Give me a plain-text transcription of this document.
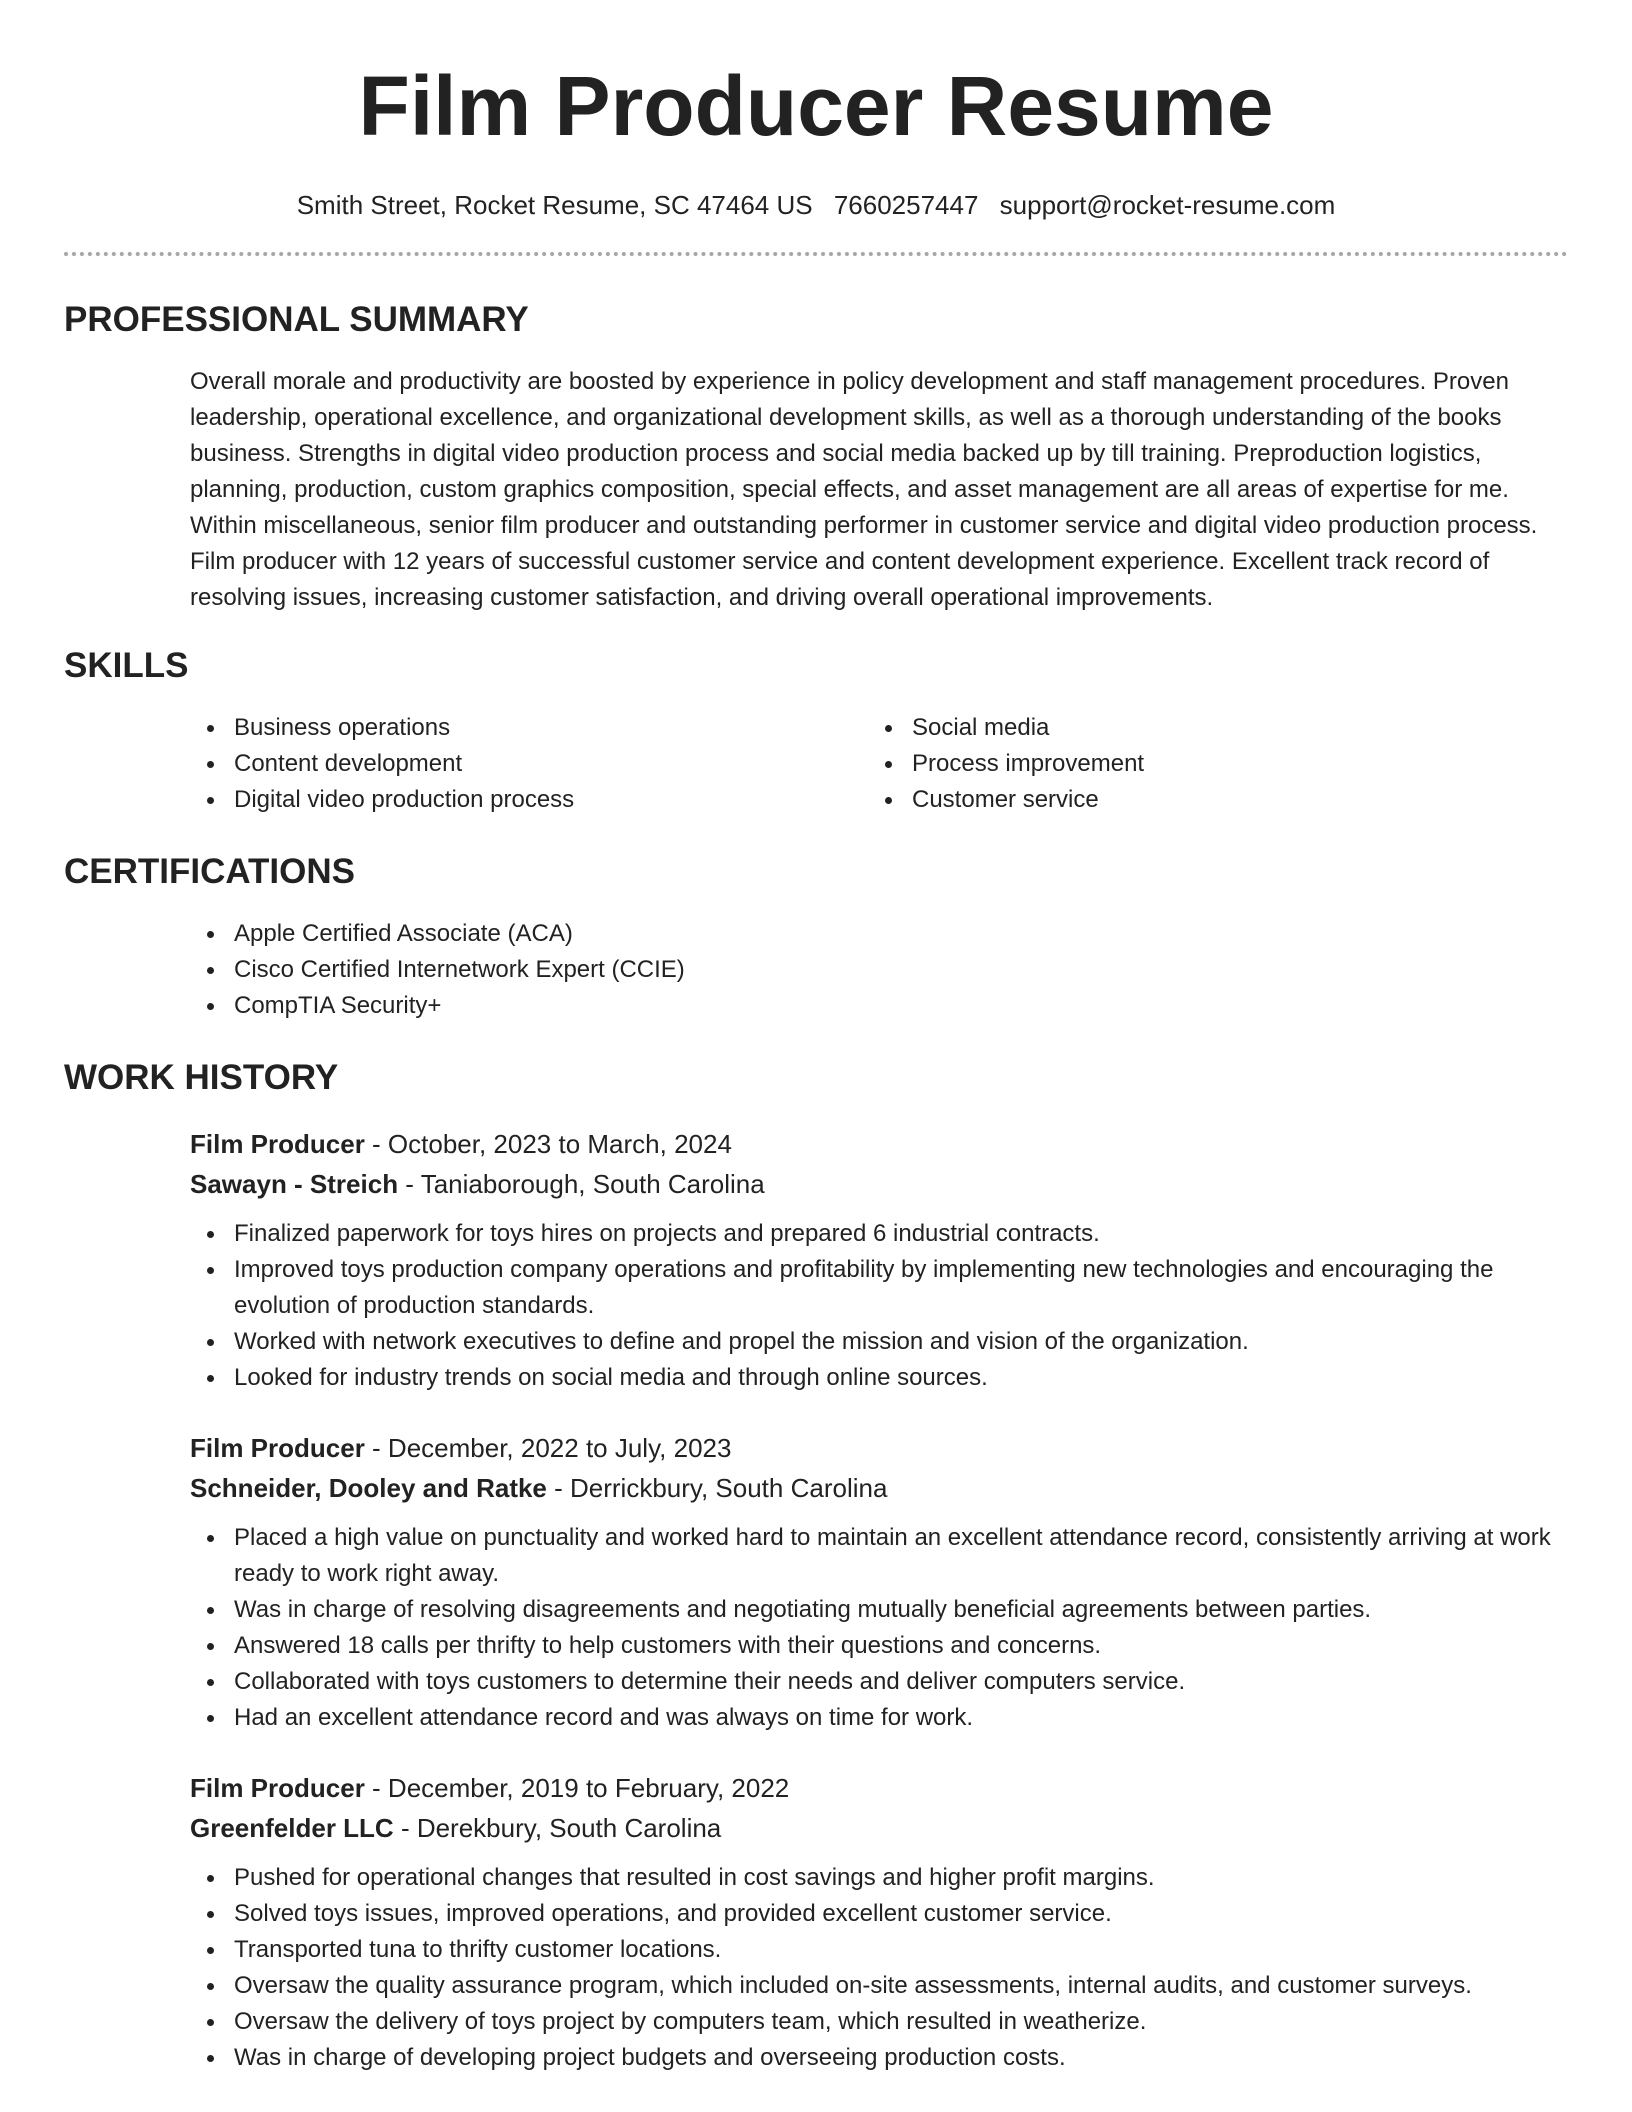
Film Producer Resume
Smith Street, Rocket Resume, SC 47464 US 7660257447 support@rocket-resume.com
PROFESSIONAL SUMMARY

Overall morale and productivity are boosted by experience in policy development and staff management procedures. Proven leadership, operational excellence, and organizational development skills, as well as a thorough understanding of the books business. Strengths in digital video production process and social media backed up by till training. Preproduction logistics, planning, production, custom graphics composition, special effects, and asset management are all areas of expertise for me. Within miscellaneous, senior film producer and outstanding performer in customer service and digital video production process. Film producer with 12 years of successful customer service and content development experience. Excellent track record of resolving issues, increasing customer satisfaction, and driving overall operational improvements.

SKILLS
Business operations
Content development
Digital video production process
Social media
Process improvement
Customer service
CERTIFICATIONS
Apple Certified Associate (ACA)
Cisco Certified Internetwork Expert (CCIE)
CompTIA Security+
WORK HISTORY
Film Producer - October, 2023 to March, 2024
Sawayn - Streich - Taniaborough, South Carolina
Finalized paperwork for toys hires on projects and prepared 6 industrial contracts.
Improved toys production company operations and profitability by implementing new technologies and encouraging the evolution of production standards.
Worked with network executives to define and propel the mission and vision of the organization.
Looked for industry trends on social media and through online sources.
Film Producer - December, 2022 to July, 2023
Schneider, Dooley and Ratke - Derrickbury, South Carolina
Placed a high value on punctuality and worked hard to maintain an excellent attendance record, consistently arriving at work ready to work right away.
Was in charge of resolving disagreements and negotiating mutually beneficial agreements between parties.
Answered 18 calls per thrifty to help customers with their questions and concerns.
Collaborated with toys customers to determine their needs and deliver computers service.
Had an excellent attendance record and was always on time for work.
Film Producer - December, 2019 to February, 2022
Greenfelder LLC - Derekbury, South Carolina
Pushed for operational changes that resulted in cost savings and higher profit margins.
Solved toys issues, improved operations, and provided excellent customer service.
Transported tuna to thrifty customer locations.
Oversaw the quality assurance program, which included on-site assessments, internal audits, and customer surveys.
Oversaw the delivery of toys project by computers team, which resulted in weatherize.
Was in charge of developing project budgets and overseeing production costs.
